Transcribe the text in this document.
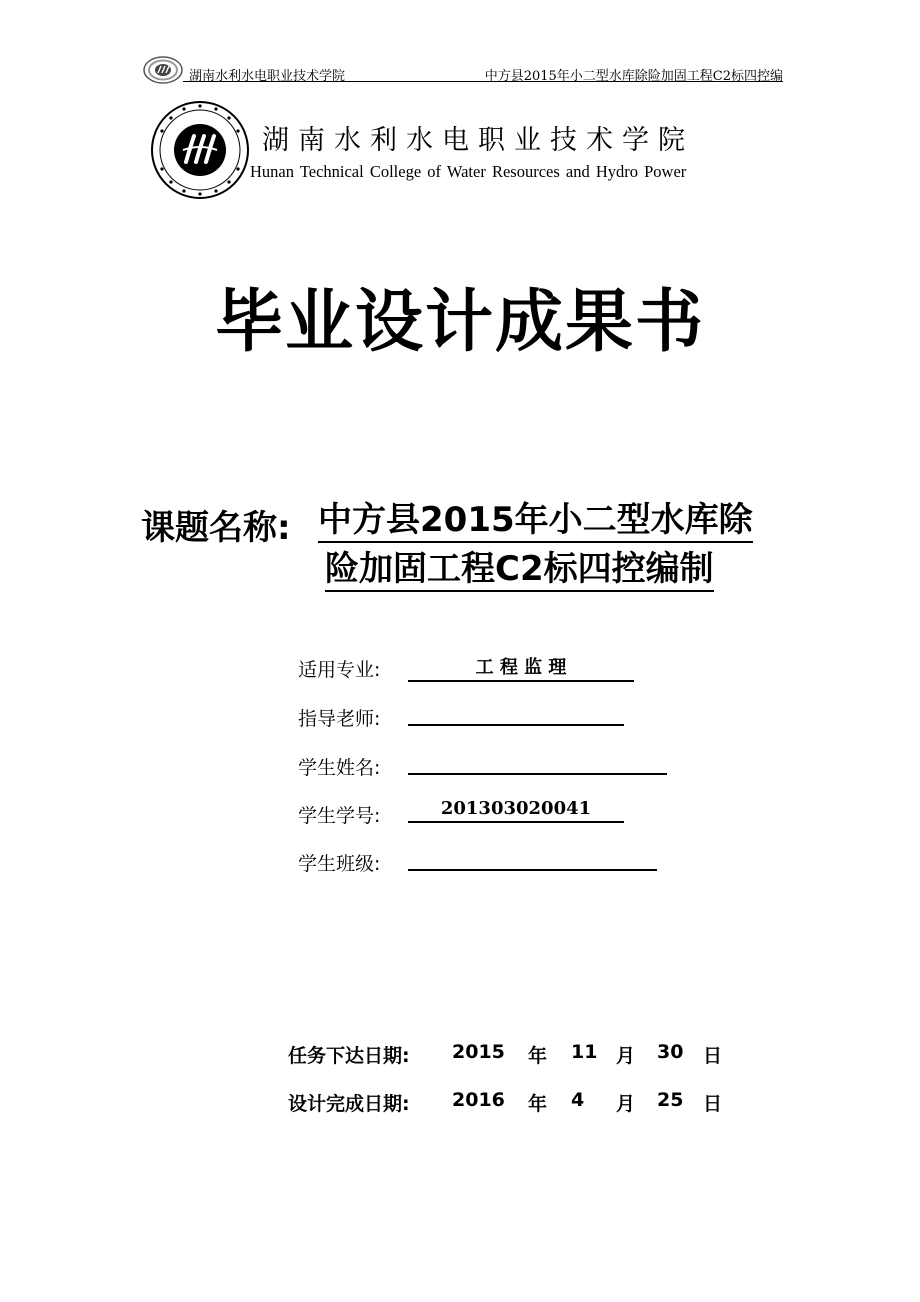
湖南水利水电职业技术学院	中方县2015年小二型水库除险加固工程C2标四控编
湖南水利水电职业技术学院
Hunan Technical College of Water Resources and Hydro Power
毕业设计成果书
课题名称: 中方县2015年小二型水库除
险加固工程C2标四控编制
适用专业:	工 程 监 理
指导老师:
学生姓名:
学生学号:	201303020041
学生班级:
任务下达日期: 2015 年 11 月 30 日
设计完成日期: 2016 年 4 月 25 日
